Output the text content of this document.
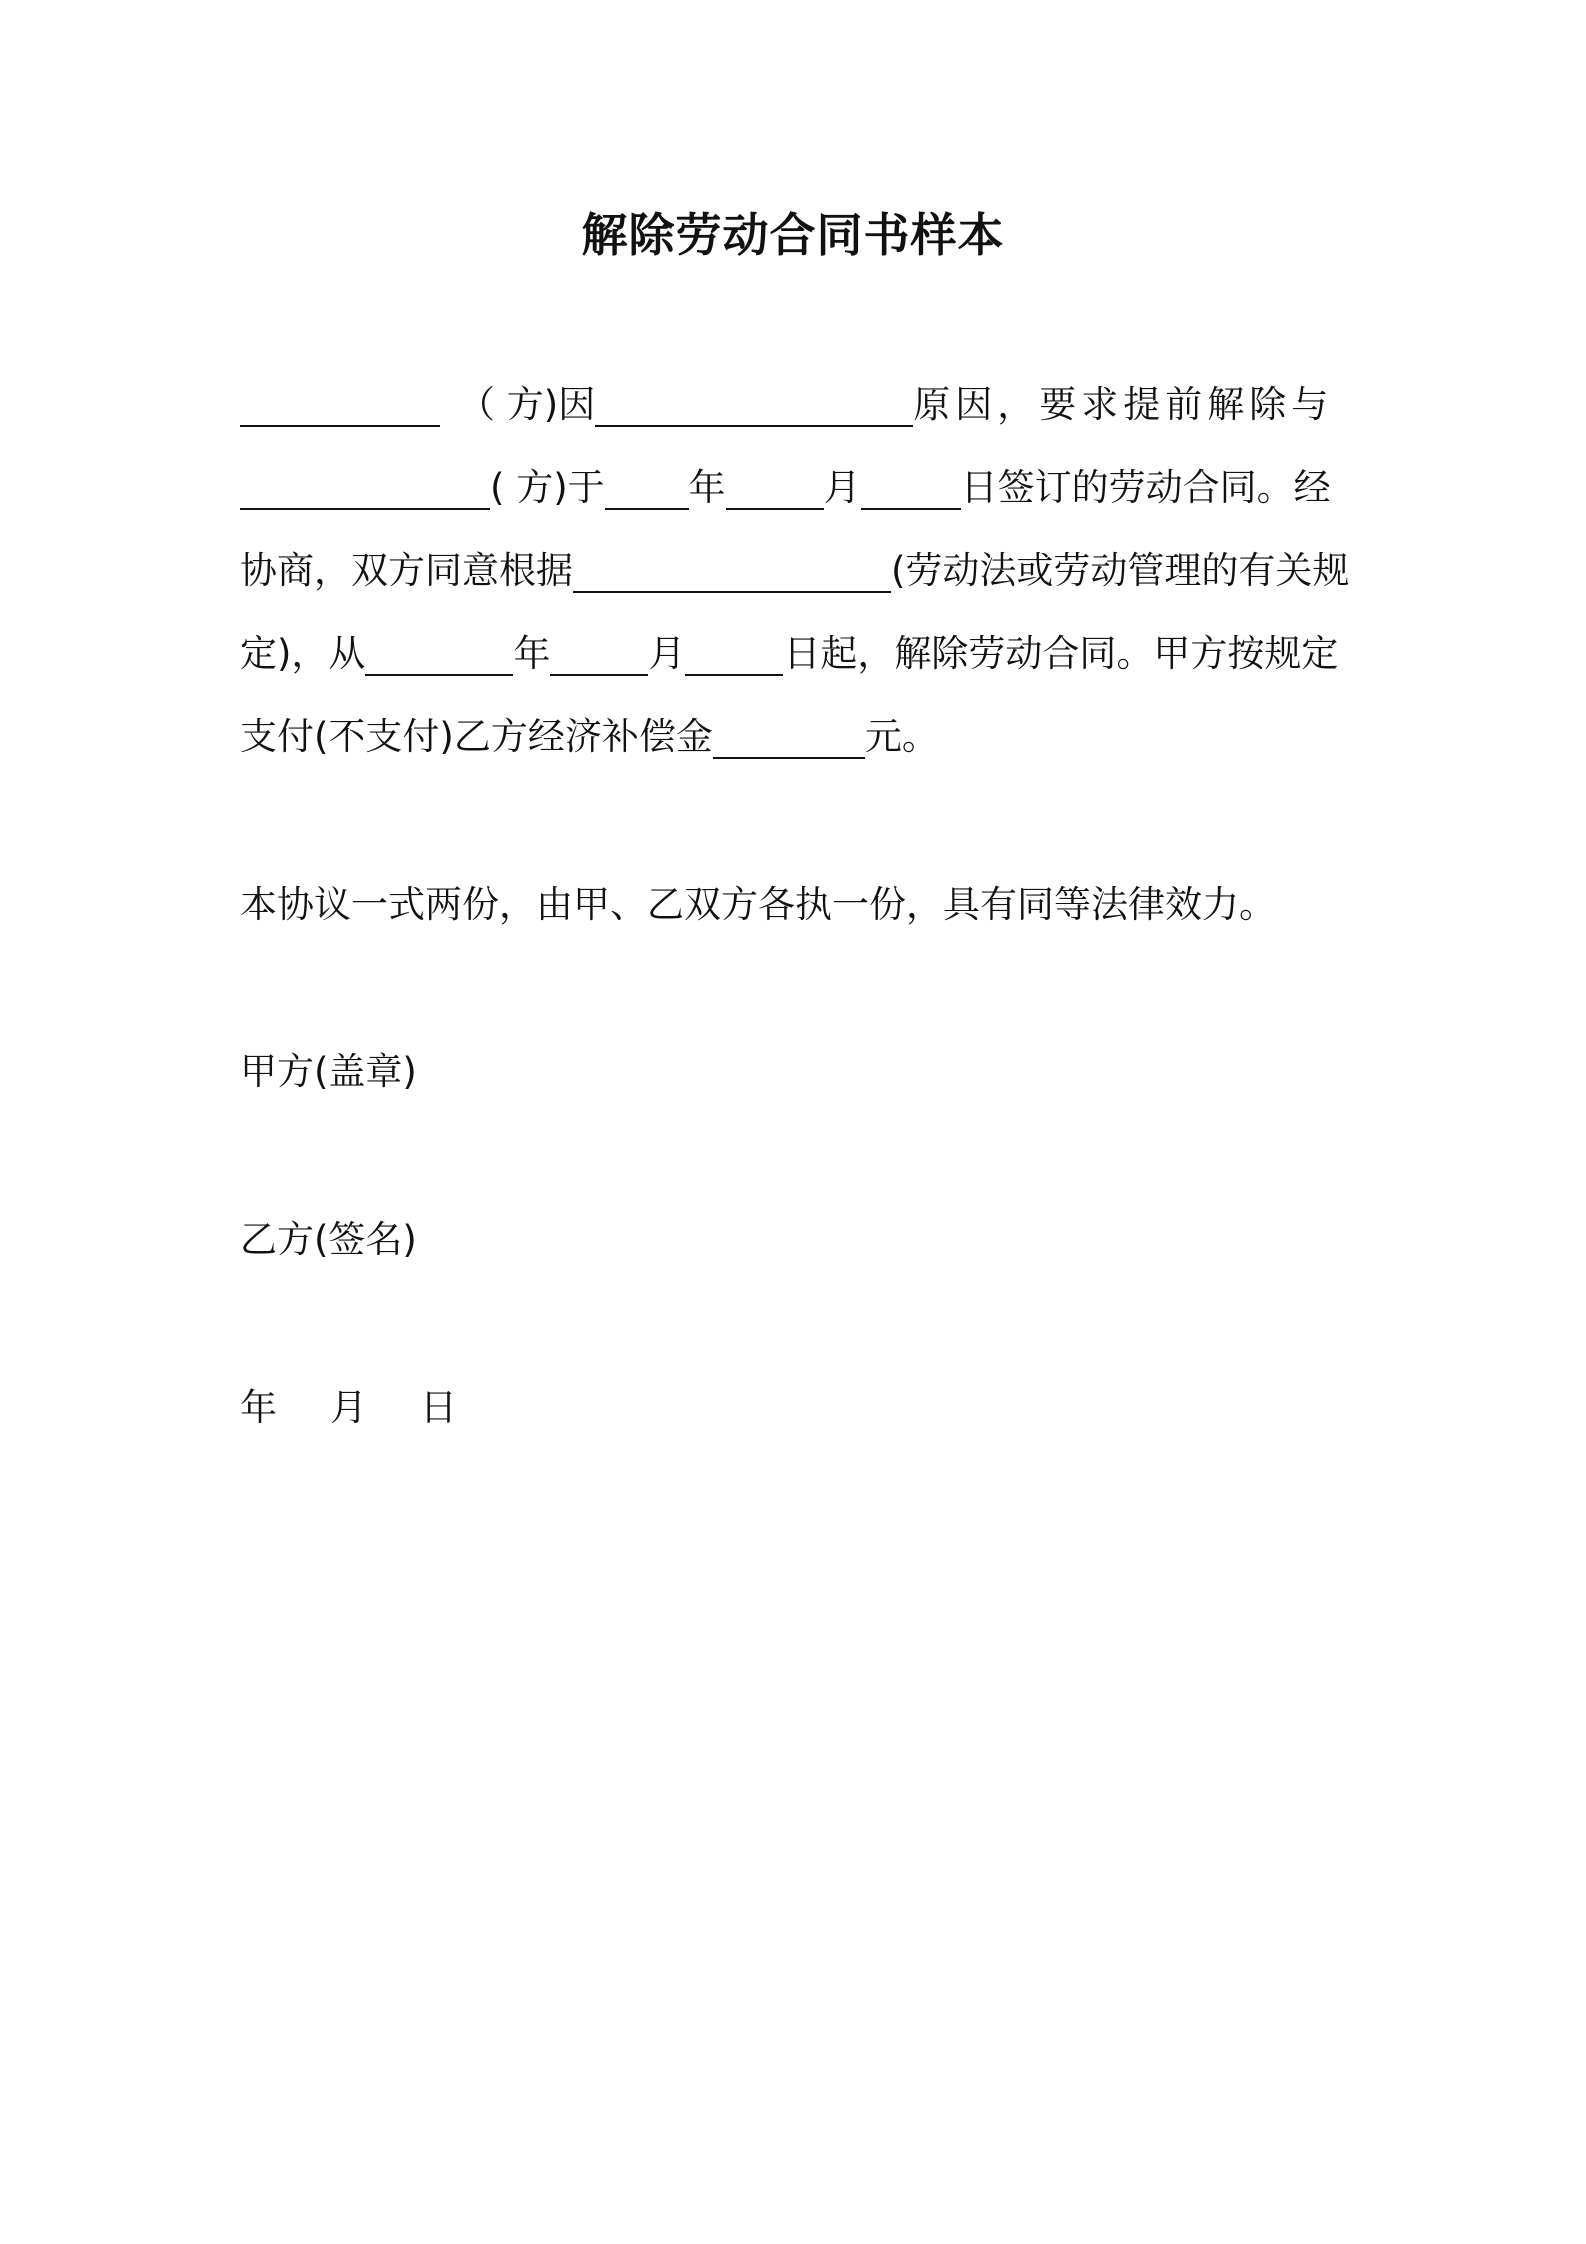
解除劳动合同书样本
（ 方)因	原因，要求提前解除与
( 方)于 年	月	日签订的劳动合同。经
协商，双方同意根据	(劳动法或劳动管理的有关规
定)，从	年	月	日起，解除劳动合同。甲方按规定
支付(不支付)乙方经济补偿金	元。
本协议一式两份，由甲、乙双方各执一份，具有同等法律效力。
甲方(盖章)
乙方(签名)
年　月　日
